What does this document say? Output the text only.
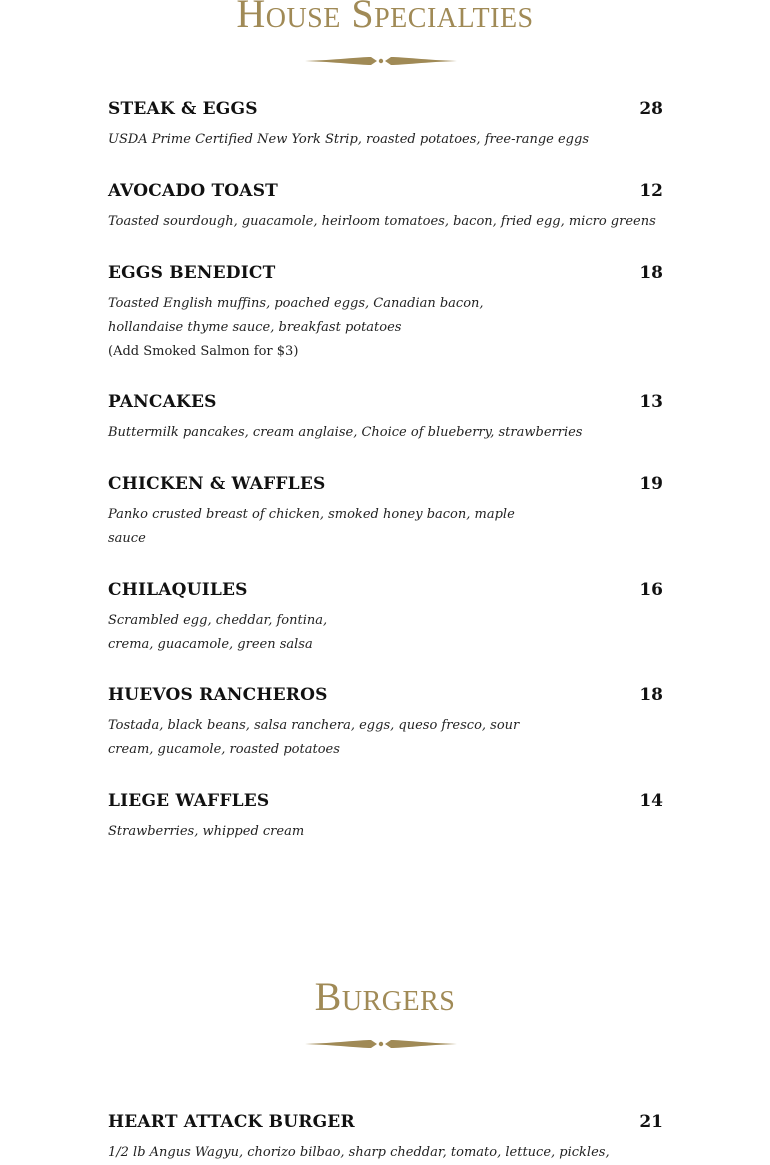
House Specialties
STEAK & EGGS	28
USDA Prime Certified New York Strip, roasted potatoes, free-range eggs
AVOCADO TOAST	12
Toasted sourdough, guacamole, heirloom tomatoes, bacon, fried egg, micro greens
EGGS BENEDICT	18
Toasted English muffins, poached eggs, Canadian bacon,
hollandaise thyme sauce, breakfast potatoes
(Add Smoked Salmon for $3)
PANCAKES	13
Buttermilk pancakes, cream anglaise, Choice of blueberry, strawberries
CHICKEN & WAFFLES	19
Panko crusted breast of chicken, smoked honey bacon, maple
sauce
CHILAQUILES	16
Scrambled egg, cheddar, fontina,
crema, guacamole, green salsa
HUEVOS RANCHEROS	18
Tostada, black beans, salsa ranchera, eggs, queso fresco, sour
cream, gucamole, roasted potatoes
LIEGE WAFFLES	14
Strawberries, whipped cream
Burgers
HEART ATTACK BURGER	21
1/2 lb Angus Wagyu, chorizo bilbao, sharp cheddar, tomato, lettuce, pickles,
